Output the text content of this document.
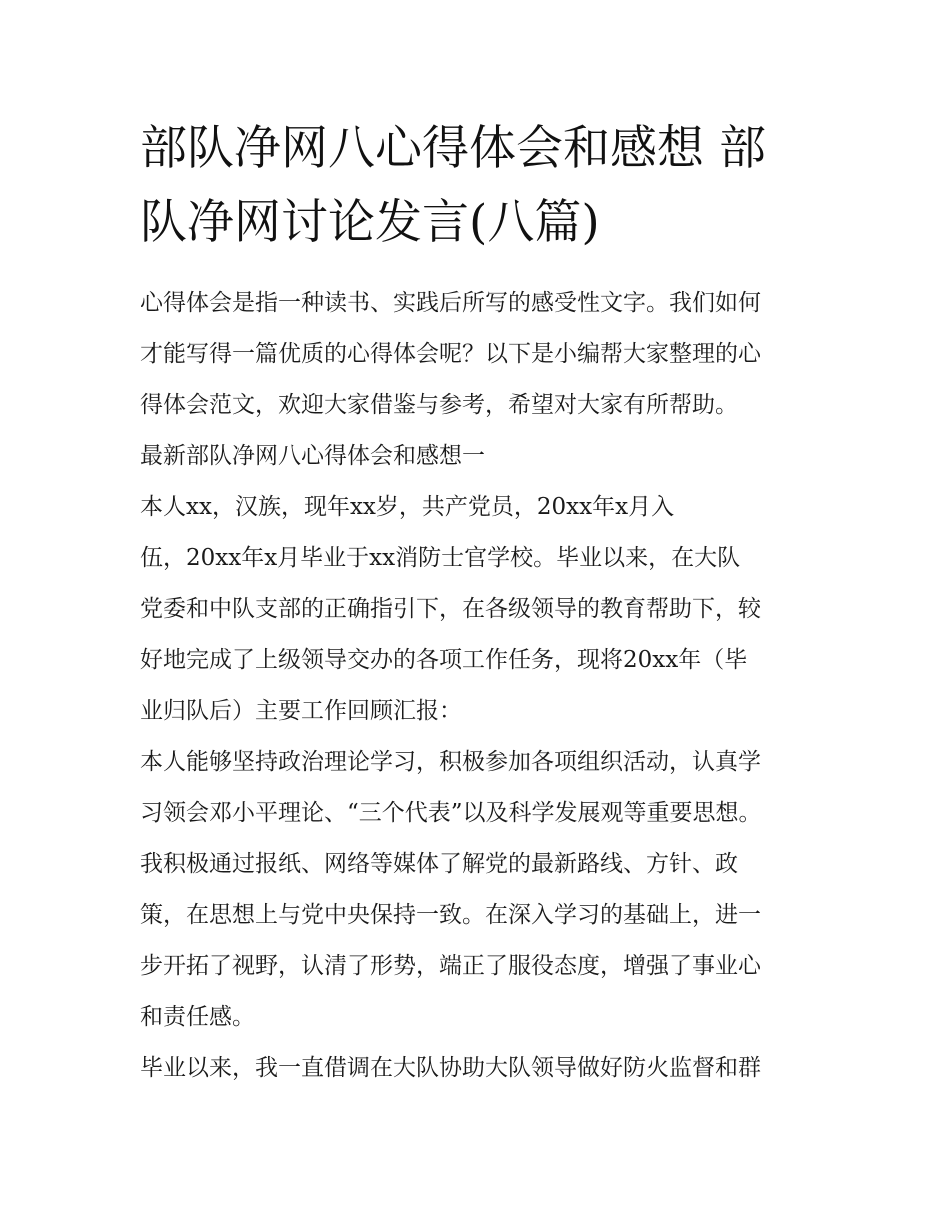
部队净网八心得体会和感想 部
队净网讨论发言(八篇)
心得体会是指一种读书、实践后所写的感受性文字。我们如何
才能写得一篇优质的心得体会呢？以下是小编帮大家整理的心
得体会范文，欢迎大家借鉴与参考，希望对大家有所帮助。
最新部队净网八心得体会和感想一
本人xx，汉族，现年xx岁，共产党员，20xx年x月入
伍，20xx年x月毕业于xx消防士官学校。毕业以来，在大队
党委和中队支部的正确指引下，在各级领导的教育帮助下，较
好地完成了上级领导交办的各项工作任务，现将20xx年（毕
业归队后）主要工作回顾汇报：
本人能够坚持政治理论学习，积极参加各项组织活动，认真学
习领会邓小平理论、“三个代表”以及科学发展观等重要思想。
我积极通过报纸、网络等媒体了解党的最新路线、方针、政
策，在思想上与党中央保持一致。在深入学习的基础上，进一
步开拓了视野，认清了形势，端正了服役态度，增强了事业心
和责任感。
毕业以来，我一直借调在大队协助大队领导做好防火监督和群
